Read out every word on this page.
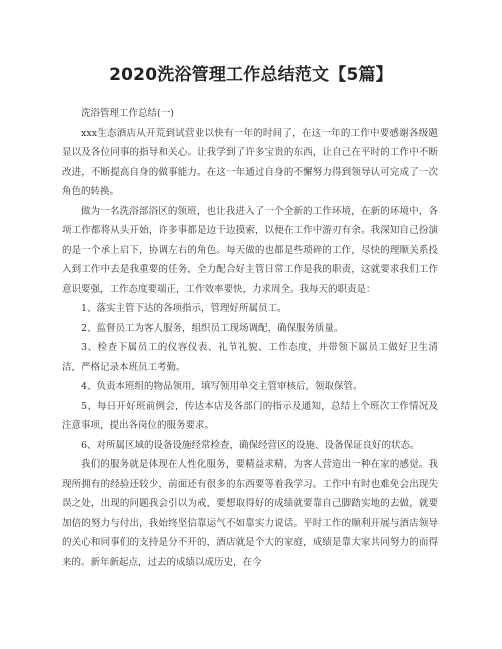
2020洗浴管理工作总结范文【5篇】

洗浴管理工作总结(一)

xxx生态酒店从开荒到试营业以快有一年的时间了，在这一年的工作中要感谢各级题显以及各位同事的指导和关心。让我学到了许多宝贵的东西，让自己在平时的工作中不断改进，不断提高自身的做事能力。在这一年通过自身的不懈努力得到领导认可完成了一次角色的转换。

做为一名洗浴部浴区的领班，也让我进入了一个全新的工作环境，在新的环境中，各项工作都将从头开始，许多事都是边干边摸索，以便在工作中游刃有余。我深知自己扮演的是一个承上启下，协调左右的角色。每天做的也都是些琐碎的工作，尽快的理顺关系投入到工作中去是我重要的任务，全力配合好主管日常工作是我的职责，这就要求我们工作意识要强，工作态度要端正，工作效率要快，力求周全。我每天的职责是：

1、落实主管下达的各项指示，管理好所属员工。

2、监督员工为客人服务，组织员工现场调配，确保服务质量。

3、检查下属员工的仪容仪表、礼节礼貌、工作态度，并带领下属员工做好卫生清洁，严格记录本班员工考勤。

4、负责本班组的物品领用，填写领用单交主管审核后，领取保管。

5、每日开好班前例会，传达本店及各部门的指示及通知，总结上个班次工作情况及注意事项，提出各岗位的服务要求。

6、对所属区域的设备设施经常检查，确保经营区的设施、设备保证良好的状态。

我们的服务就是体现在人性化服务，要精益求精，为客人营造出一种在家的感觉。我现所拥有的经验还较少，前面还有很多的东西要等着我学习。工作中有时也难免会出现失误之处，出现的问题我会引以为戒，要想取得好的成绩就要靠自己脚踏实地的去做，就要加倍的努力与付出，我始终坚信靠运气不如靠实力说话。平时工作的顺利开展与酒店领导的关心和同事们的支持是分不开的，酒店就是个大的家庭，成绩是靠大家共同努力的而得来的。新年新起点，过去的成绩以成历史，在今
